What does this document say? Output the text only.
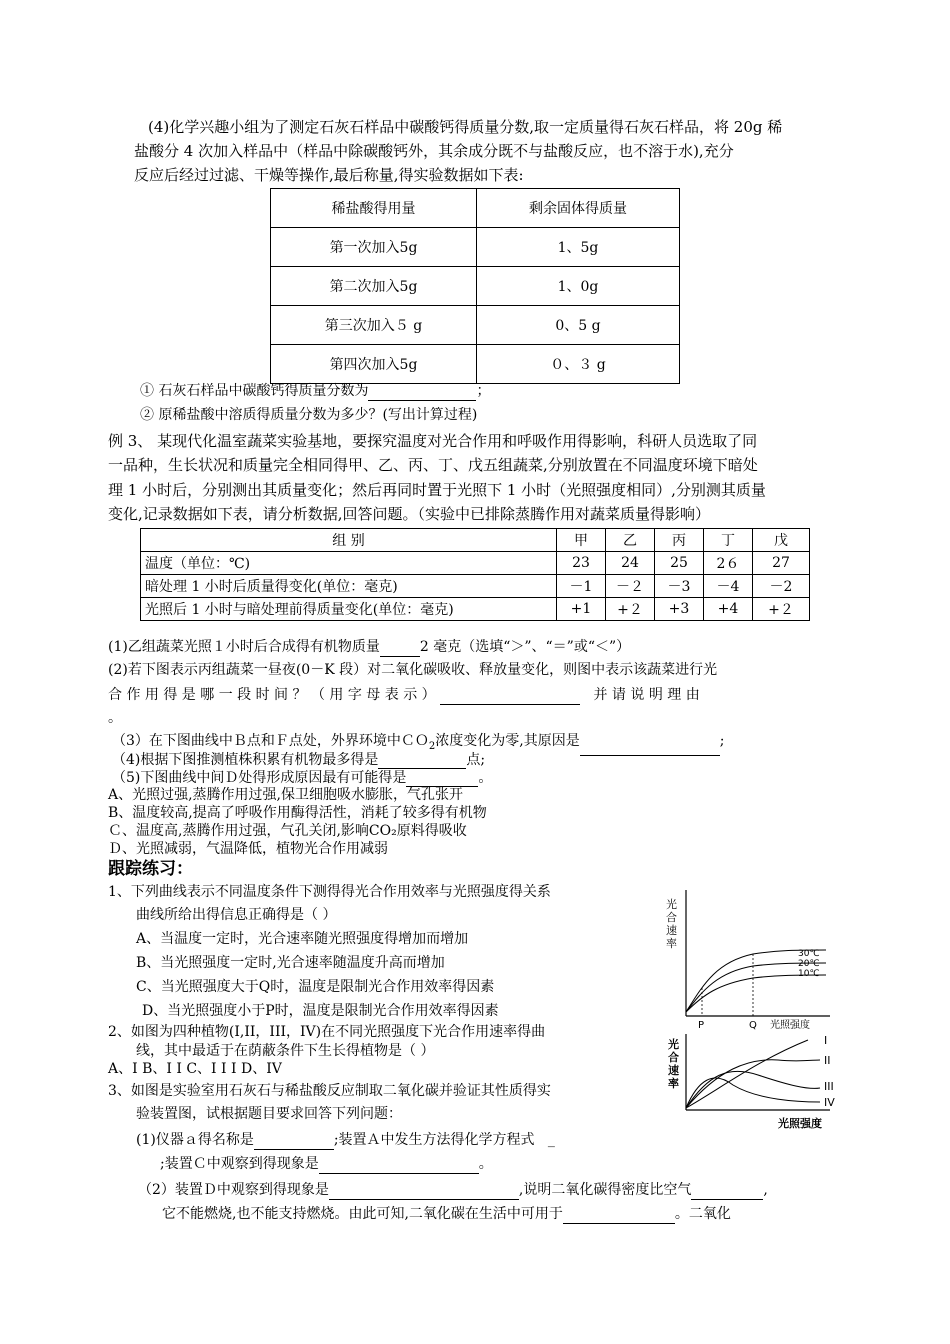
(4)化学兴趣小组为了测定石灰石样品中碳酸钙得质量分数,取一定质量得石灰石样品，将 20g 稀
盐酸分 4 次加入样品中（样品中除碳酸钙外，其余成分既不与盐酸反应，也不溶于水),充分
反应后经过过滤、干燥等操作,最后称量,得实验数据如下表:
稀盐酸得用量	剩余固体得质量
第一次加入5g	1、5g
第二次加入5g	1、0g
第三次加入５ g	0、5 g
第四次加入5g	０、３ g
① 石灰石样品中碳酸钙得质量分数为	；
② 原稀盐酸中溶质得质量分数为多少？(写出计算过程)
例 3、 某现代化温室蔬菜实验基地，要探究温度对光合作用和呼吸作用得影响，科研人员选取了同
一品种，生长状况和质量完全相同得甲、乙、丙、丁、戊五组蔬菜,分别放置在不同温度环境下暗处
理 1 小时后，分别测出其质量变化；然后再同时置于光照下 1 小时（光照强度相同）,分别测其质量
变化,记录数据如下表，请分析数据,回答问题。（实验中已排除蒸腾作用对蔬菜质量得影响）
组 别	甲	乙	丙	丁	戊
温度（单位：℃)	23	24	25	2６	27
暗处理 1 小时后质量得变化(单位：毫克)	－1	－２	－3	－4	－2
光照后 1 小时与暗处理前得质量变化(单位：毫克)	+1	+２	+3	+4	+２
(1)乙组蔬菜光照１小时后合成得有机物质量	2 毫克（选填“＞”、“＝”或“＜”）
(2)若下图表示丙组蔬菜一昼夜(0－K 段）对二氧化碳吸收、释放量变化，则图中表示该蔬菜进行光
合 作 用 得 是 哪 一 段 时 间 ？ （ 用 字 母 表 示 ）	并 请 说 明 理 由
。
（3）在下图曲线中Ｂ点和Ｆ点处，外界环境中ＣＯ$_2$浓度变化为零,其原因是	;
（4)根据下图推测植株积累有机物最多得是	点;
（5)下图曲线中间Ｄ处得形成原因最有可能得是	。
A、光照过强,蒸腾作用过强,保卫细胞吸水膨胀，气孔张开
B、温度较高,提高了呼吸作用酶得活性，消耗了较多得有机物
Ｃ、温度高,蒸腾作用过强，气孔关闭,影响CO₂原料得吸收
Ｄ、光照减弱，气温降低，植物光合作用减弱
跟踪练习：
1、下列曲线表示不同温度条件下测得得光合作用效率与光照强度得关系
曲线所给出得信息正确得是（ ）
A、当温度一定时，光合速率随光照强度得增加而增加
B、当光照强度一定时,光合速率随温度升高而增加
C、当光照强度大于Q时，温度是限制光合作用效率得因素
D、当光照强度小于P时，温度是限制光合作用效率得因素
2、如图为四种植物(I,II，III，IV)在不同光照强度下光合作用速率得曲
线，其中最适于在荫蔽条件下生长得植物是（ ）
A、I B、I I C、I I I D、IV
3、如图是实验室用石灰石与稀盐酸反应制取二氧化碳并验证其性质得实
验装置图，试根据题目要求回答下列问题：
(1)仪器ａ得名称是	;装置Ａ中发生方法得化学方程式 _
;装置Ｃ中观察到得现象是	。
（2）装置Ｄ中观察到得现象是	,说明二氧化碳得密度比空气	,
它不能燃烧,也不能支持燃烧。由此可知,二氧化碳在生活中可用于	。二氧化
光
合
速
率
30℃
20℃
10℃
P	Q 光照强度
光
合
速
率
I
II
III
IV
光照强度
